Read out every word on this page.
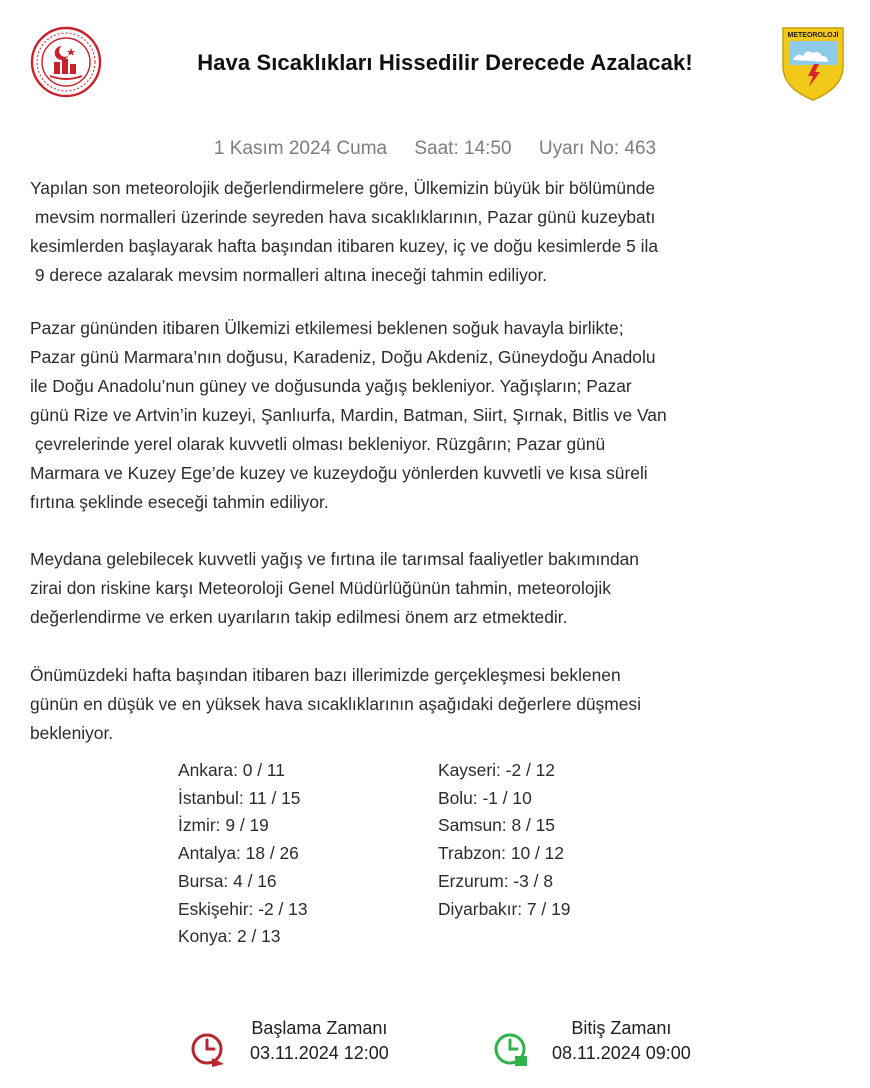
Hava Sıcaklıkları Hissedilir Derecede Azalacak!
METEOROLOJİ
1 Kasım 2024 Cuma Saat: 14:50 Uyarı No: 463
Yapılan son meteorolojik değerlendirmelere göre, Ülkemizin büyük bir bölümünde
mevsim normalleri üzerinde seyreden hava sıcaklıklarının, Pazar günü kuzeybatı
kesimlerden başlayarak hafta başından itibaren kuzey, iç ve doğu kesimlerde 5 ila
9 derece azalarak mevsim normalleri altına ineceği tahmin ediliyor.
Pazar gününden itibaren Ülkemizi etkilemesi beklenen soğuk havayla birlikte;
Pazar günü Marmara’nın doğusu, Karadeniz, Doğu Akdeniz, Güneydoğu Anadolu
ile Doğu Anadolu’nun güney ve doğusunda yağış bekleniyor. Yağışların; Pazar
günü Rize ve Artvin’in kuzeyi, Şanlıurfa, Mardin, Batman, Siirt, Şırnak, Bitlis ve Van
çevrelerinde yerel olarak kuvvetli olması bekleniyor. Rüzgârın; Pazar günü
Marmara ve Kuzey Ege’de kuzey ve kuzeydoğu yönlerden kuvvetli ve kısa süreli
fırtına şeklinde eseceği tahmin ediliyor.
Meydana gelebilecek kuvvetli yağış ve fırtına ile tarımsal faaliyetler bakımından
zirai don riskine karşı Meteoroloji Genel Müdürlüğünün tahmin, meteorolojik
değerlendirme ve erken uyarıların takip edilmesi önem arz etmektedir.
Önümüzdeki hafta başından itibaren bazı illerimizde gerçekleşmesi beklenen
günün en düşük ve en yüksek hava sıcaklıklarının aşağıdaki değerlere düşmesi
bekleniyor.
Ankara: 0 / 11
İstanbul: 11 / 15
İzmir: 9 / 19
Antalya: 18 / 26
Bursa: 4 / 16
Eskişehir: -2 / 13
Konya: 2 / 13
Kayseri: -2 / 12
Bolu: -1 / 10
Samsun: 8 / 15
Trabzon: 10 / 12
Erzurum: -3 / 8
Diyarbakır: 7 / 19
Başlama Zamanı
03.11.2024 12:00
Bitiş Zamanı
08.11.2024 09:00
